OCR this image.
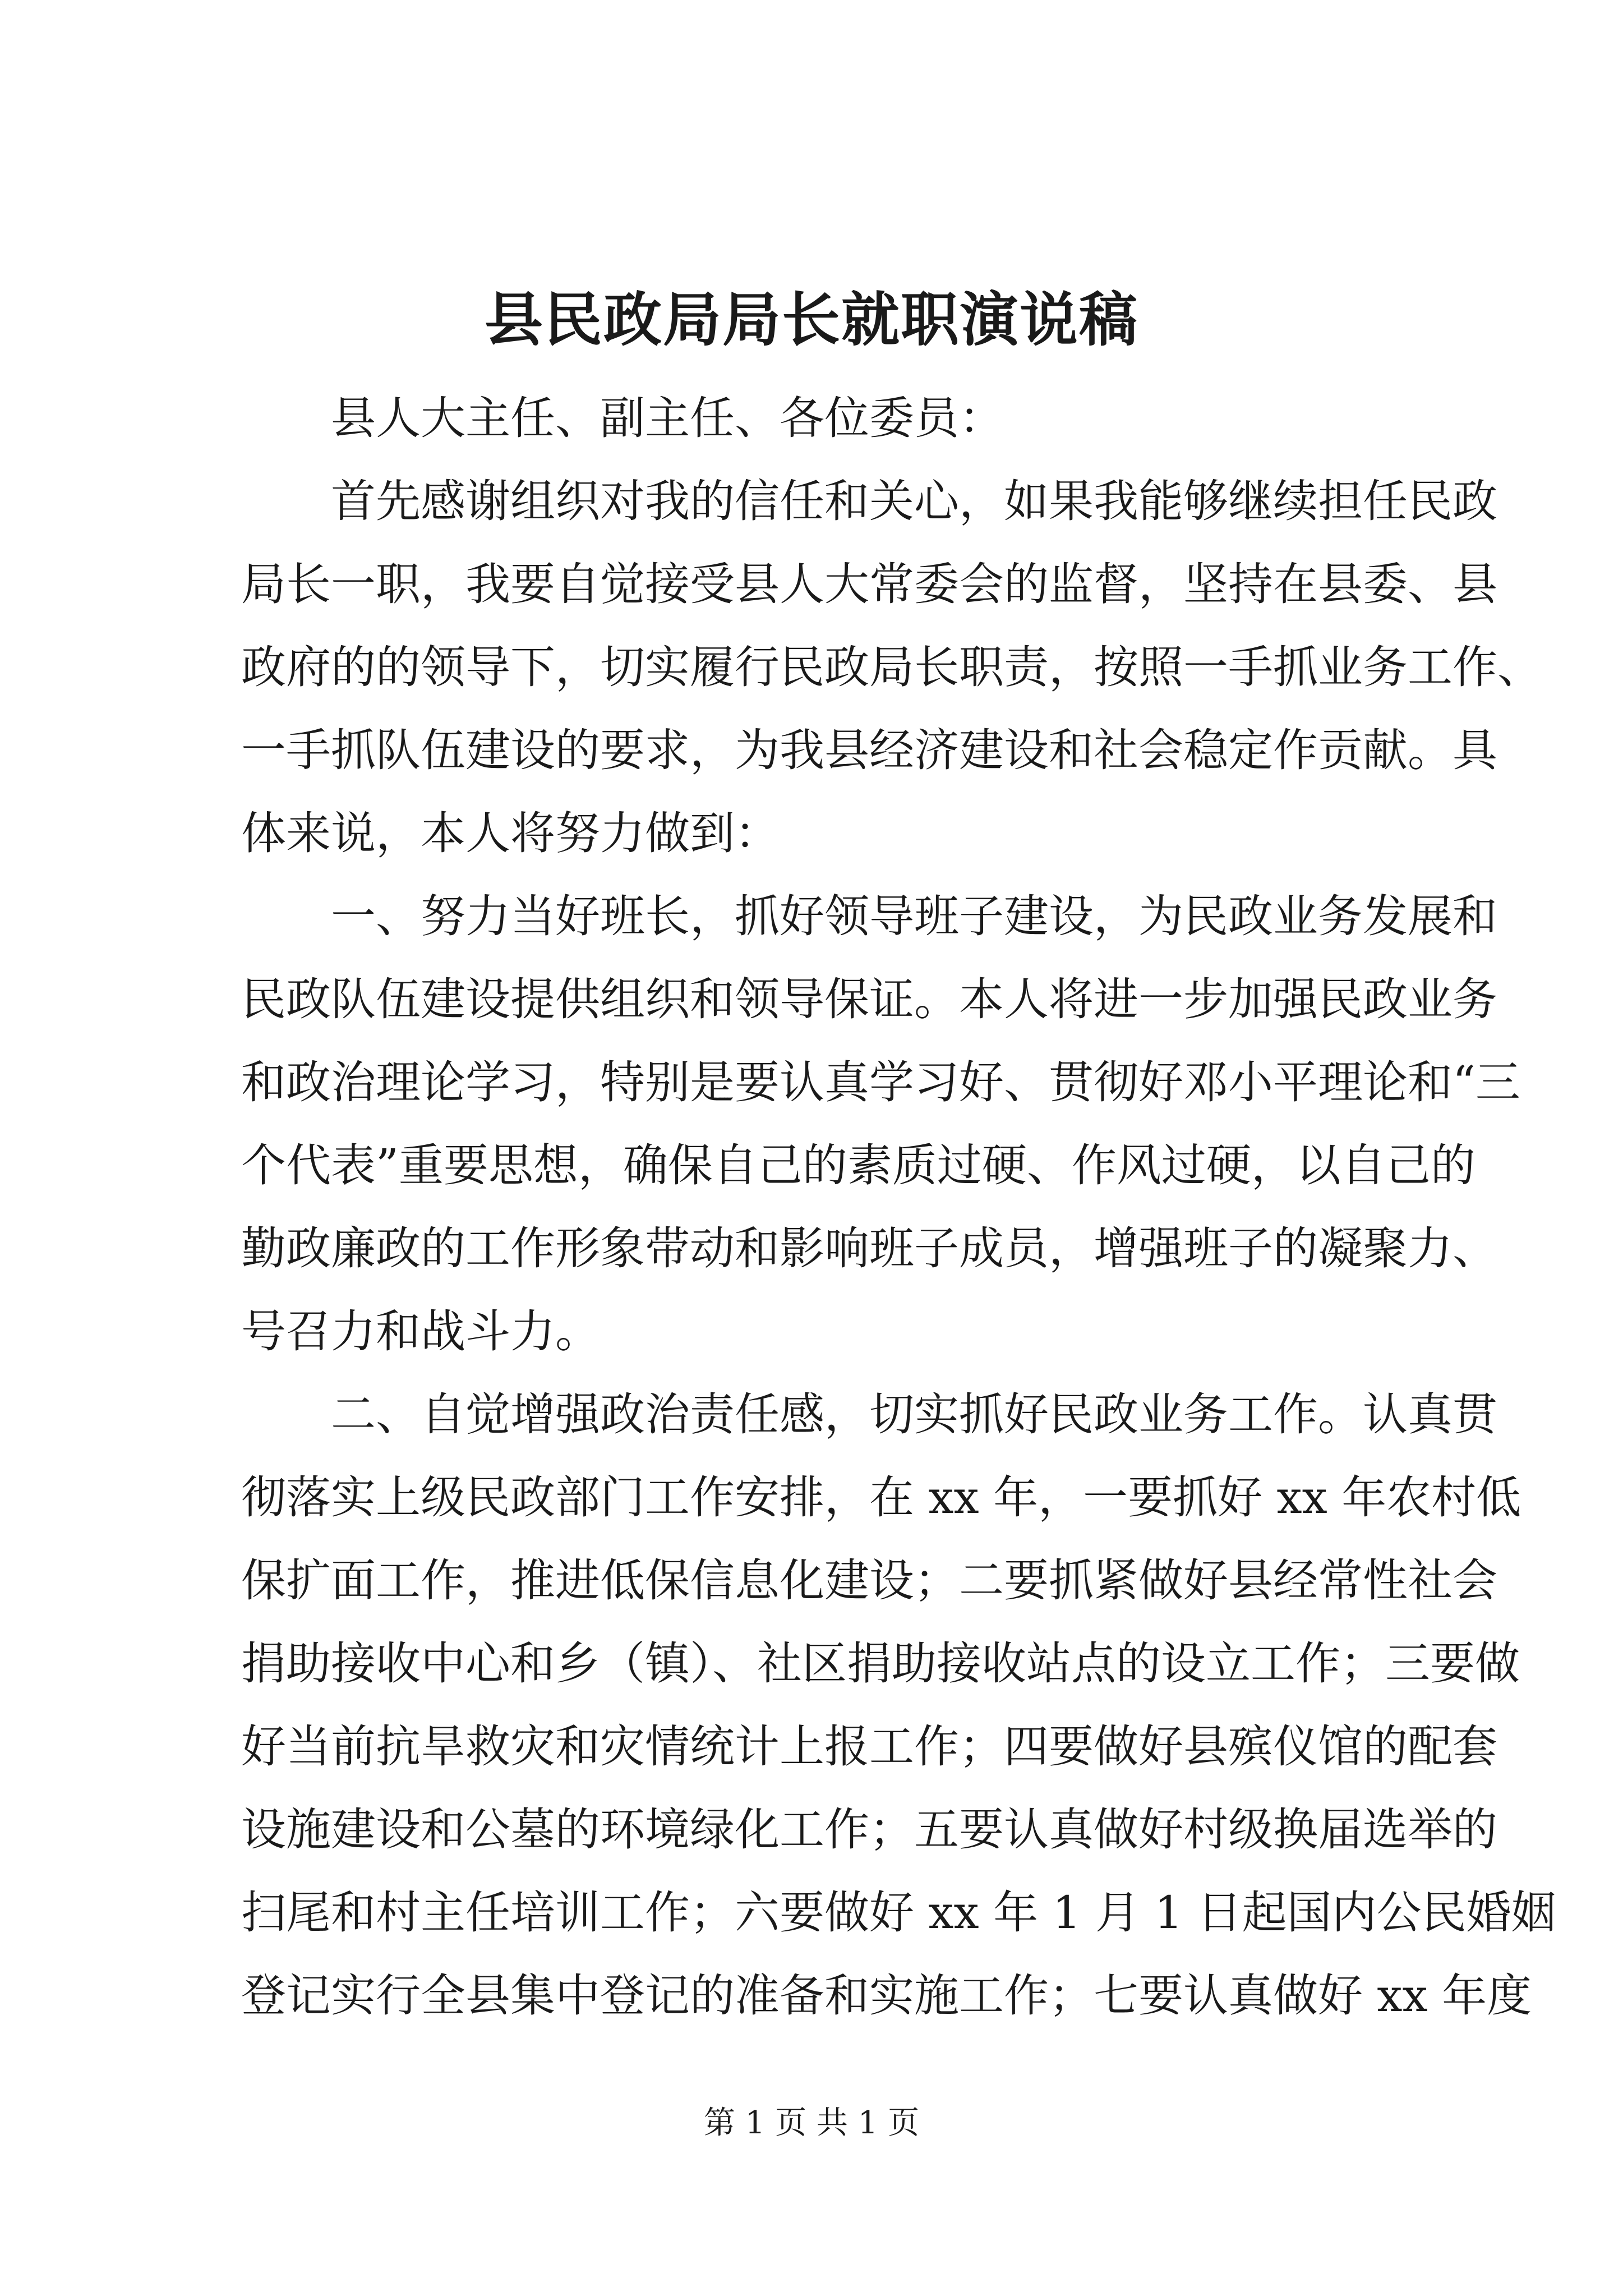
县民政局局长就职演说稿
县人大主任、副主任、各位委员：
首先感谢组织对我的信任和关心，如果我能够继续担任民政
局长一职，我要自觉接受县人大常委会的监督，坚持在县委、县
政府的的领导下，切实履行民政局长职责，按照一手抓业务工作、
一手抓队伍建设的要求，为我县经济建设和社会稳定作贡献。具
体来说，本人将努力做到：
一、努力当好班长，抓好领导班子建设，为民政业务发展和
民政队伍建设提供组织和领导保证。本人将进一步加强民政业务
和政治理论学习，特别是要认真学习好、贯彻好邓小平理论和“三
个代表”重要思想，确保自己的素质过硬、作风过硬，以自己的
勤政廉政的工作形象带动和影响班子成员，增强班子的凝聚力、
号召力和战斗力。
二、自觉增强政治责任感，切实抓好民政业务工作。认真贯
彻落实上级民政部门工作安排，在 xx 年，一要抓好 xx 年农村低
保扩面工作，推进低保信息化建设；二要抓紧做好县经常性社会
捐助接收中心和乡（镇）、社区捐助接收站点的设立工作；三要做
好当前抗旱救灾和灾情统计上报工作；四要做好县殡仪馆的配套
设施建设和公墓的环境绿化工作；五要认真做好村级换届选举的
扫尾和村主任培训工作；六要做好 xx 年 1 月 1 日起国内公民婚姻
登记实行全县集中登记的准备和实施工作；七要认真做好 xx 年度
第 1 页 共 1 页
